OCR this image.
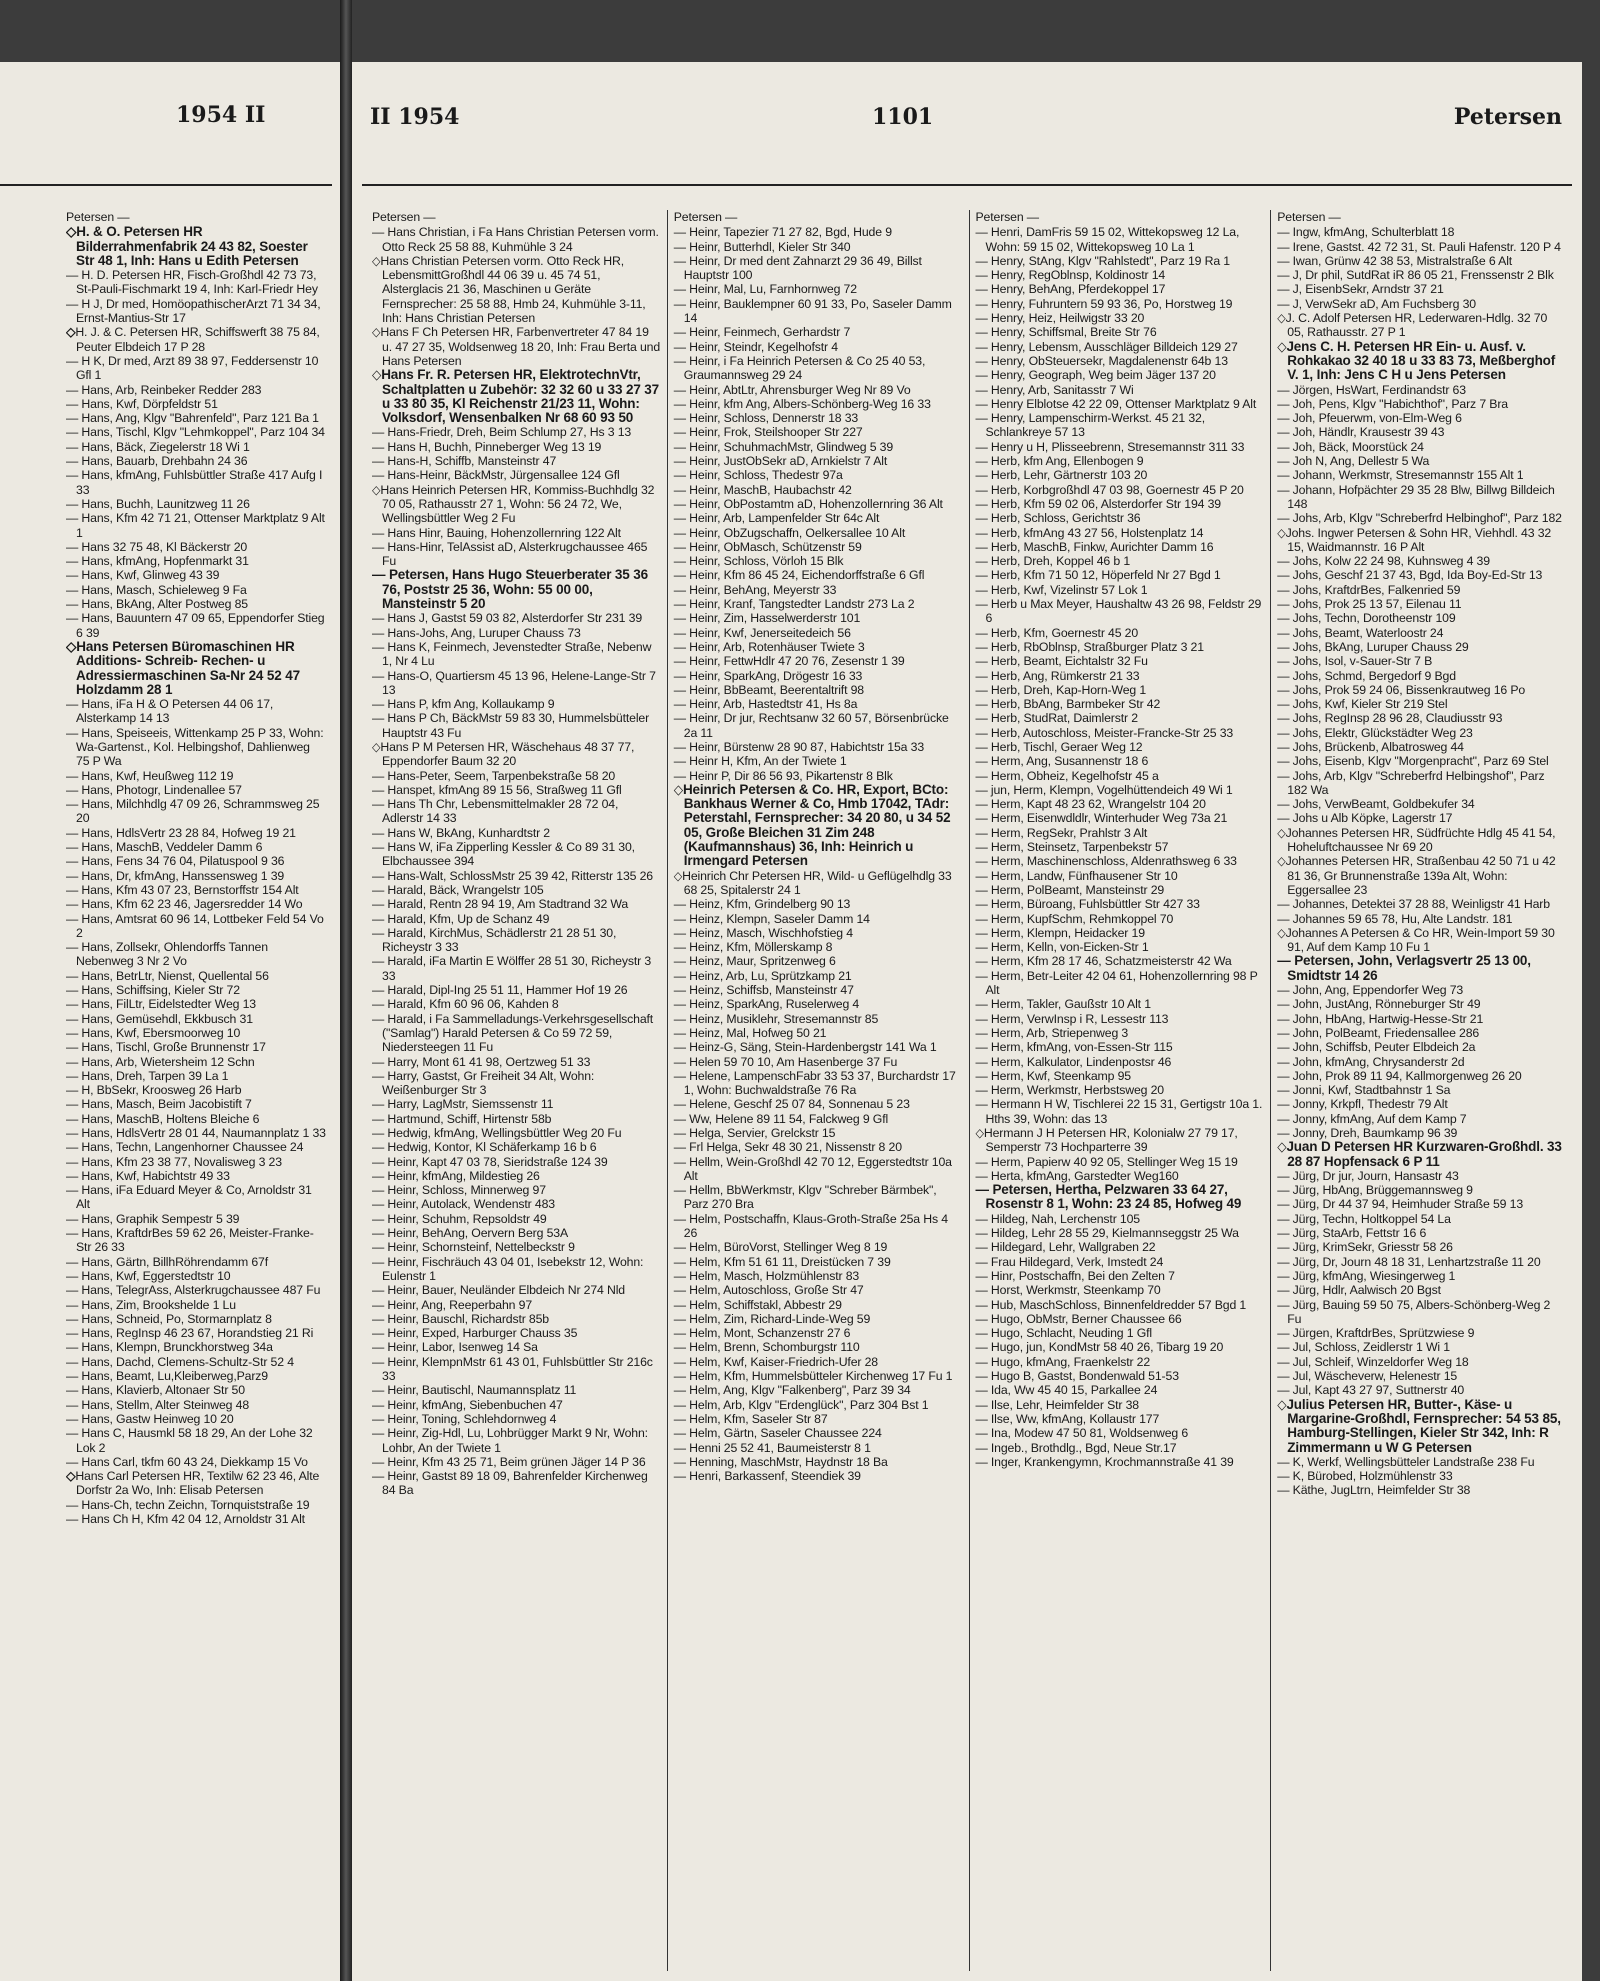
1954 II
Petersen —
◇ H. & O. Petersen HR Bilderrahmenfabrik 24 43 82, Soester Str 48 1, Inh: Hans u Edith Petersen
— H. D. Petersen HR, Fisch-Großhdl 42 73 73, St-Pauli-Fischmarkt 19 4, Inh: Karl-Friedr Hey
— H J, Dr med, HomöopathischerArzt 71 34 34, Ernst-Mantius-Str 17
◇ H. J. & C. Petersen HR, Schiffswerft 38 75 84, Peuter Elbdeich 17 P 28
— H K, Dr med, Arzt 89 38 97, Feddersenstr 10 Gfl 1
— Hans, Arb, Reinbeker Redder 283
— Hans, Kwf, Dörpfeldstr 51
— Hans, Ang, Klgv "Bahrenfeld", Parz 121 Ba 1
— Hans, Tischl, Klgv "Lehmkoppel", Parz 104 34
— Hans, Bäck, Ziegelerstr 18 Wi 1
— Hans, Bauarb, Drehbahn 24 36
— Hans, kfmAng, Fuhlsbüttler Straße 417 Aufg I 33
— Hans, Buchh, Launitzweg 11 26
— Hans, Kfm 42 71 21, Ottenser Marktplatz 9 Alt 1
— Hans 32 75 48, Kl Bäckerstr 20
— Hans, kfmAng, Hopfenmarkt 31
— Hans, Kwf, Glinweg 43 39
— Hans, Masch, Schieleweg 9 Fa
— Hans, BkAng, Alter Postweg 85
— Hans, Bauuntern 47 09 65, Eppendorfer Stieg 6 39
◇ Hans Petersen Büromaschinen HR Additions- Schreib- Rechen- u Adressiermaschinen Sa-Nr 24 52 47 Holzdamm 28 1
— Hans, iFa H & O Petersen 44 06 17, Alsterkamp 14 13
— Hans, Speiseeis, Wittenkamp 25 P 33, Wohn: Wa-Gartenst., Kol. Helbingshof, Dahlienweg 75 P Wa
— Hans, Kwf, Heußweg 112 19
— Hans, Photogr, Lindenallee 57
— Hans, Milchhdlg 47 09 26, Schrammsweg 25 20
— Hans, HdlsVertr 23 28 84, Hofweg 19 21
— Hans, MaschB, Veddeler Damm 6
— Hans, Fens 34 76 04, Pilatuspool 9 36
— Hans, Dr, kfmAng, Hanssensweg 1 39
— Hans, Kfm 43 07 23, Bernstorffstr 154 Alt
— Hans, Kfm 62 23 46, Jagersredder 14 Wo
— Hans, Amtsrat 60 96 14, Lottbeker Feld 54 Vo 2
— Hans, Zollsekr, Ohlendorffs Tannen Nebenweg 3 Nr 2 Vo
— Hans, BetrLtr, Nienst, Quellental 56
— Hans, Schiffsing, Kieler Str 72
— Hans, FilLtr, Eidelstedter Weg 13
— Hans, Gemüsehdl, Ekkbusch 31
— Hans, Kwf, Ebersmoorweg 10
— Hans, Tischl, Große Brunnenstr 17
— Hans, Arb, Wietersheim 12 Schn
— Hans, Dreh, Tarpen 39 La 1
— H, BbSekr, Kroosweg 26 Harb
— Hans, Masch, Beim Jacobistift 7
— Hans, MaschB, Holtens Bleiche 6
— Hans, HdlsVertr 28 01 44, Naumannplatz 1 33
— Hans, Techn, Langenhorner Chaussee 24
— Hans, Kfm 23 38 77, Novalisweg 3 23
— Hans, Kwf, Habichtstr 49 33
— Hans, iFa Eduard Meyer & Co, Arnoldstr 31 Alt
— Hans, Graphik Sempestr 5 39
— Hans, KraftdrBes 59 62 26, Meister-Franke-Str 26 33
— Hans, Gärtn, BillhRöhrendamm 67f
— Hans, Kwf, Eggerstedtstr 10
— Hans, TelegrAss, Alsterkrugchaussee 487 Fu
— Hans, Zim, Brookshelde 1 Lu
— Hans, Schneid, Po, Stormarnplatz 8
— Hans, RegInsp 46 23 67, Horandstieg 21 Ri
— Hans, Klempn, Brunckhorstweg 34a
— Hans, Dachd, Clemens-Schultz-Str 52 4
— Hans, Beamt, Lu,Kleiberweg,Parz9
— Hans, Klavierb, Altonaer Str 50
— Hans, Stellm, Alter Steinweg 48
— Hans, Gastw Heinweg 10 20
— Hans C, Hausmkl 58 18 29, An der Lohe 32 Lok 2
— Hans Carl, tkfm 60 43 24, Diekkamp 15 Vo
◇ Hans Carl Petersen HR, Textilw 62 23 46, Alte Dorfstr 2a Wo, Inh: Elisab Petersen
— Hans-Ch, techn Zeichn, Tornquiststraße 19
— Hans Ch H, Kfm 42 04 12, Arnoldstr 31 Alt
II 1954	1101	Petersen
Petersen —
— Hans Christian, i Fa Hans Christian Petersen vorm. Otto Reck 25 58 88, Kuhmühle 3 24
◇ Hans Christian Petersen vorm. Otto Reck HR, LebensmittGroßhdl 44 06 39 u. 45 74 51, Alsterglacis 21 36, Maschinen u Geräte Fernsprecher: 25 58 88, Hmb 24, Kuhmühle 3-11, Inh: Hans Christian Petersen
◇ Hans F Ch Petersen HR, Farbenvertreter 47 84 19 u. 47 27 35, Woldsenweg 18 20, Inh: Frau Berta und Hans Petersen
◇ Hans Fr. R. Petersen HR, ElektrotechnVtr, Schaltplatten u Zubehör: 32 32 60 u 33 27 37 u 33 80 35, Kl Reichenstr 21/23 11, Wohn: Volksdorf, Wensenbalken Nr 68 60 93 50
— Hans-Friedr, Dreh, Beim Schlump 27, Hs 3 13
— Hans H, Buchh, Pinneberger Weg 13 19
— Hans-H, Schiffb, Mansteinstr 47
— Hans-Heinr, BäckMstr, Jürgensallee 124 Gfl
◇ Hans Heinrich Petersen HR, Kommiss-Buchhdlg 32 70 05, Rathausstr 27 1, Wohn: 56 24 72, We, Wellingsbüttler Weg 2 Fu
— Hans Hinr, Bauing, Hohenzollernring 122 Alt
— Hans-Hinr, TelAssist aD, Alsterkrugchaussee 465 Fu
— Petersen, Hans Hugo Steuerberater 35 36 76, Poststr 25 36, Wohn: 55 00 00, Mansteinstr 5 20
— Hans J, Gastst 59 03 82, Alsterdorfer Str 231 39
— Hans-Johs, Ang, Luruper Chauss 73
— Hans K, Feinmech, Jevenstedter Straße, Nebenw 1, Nr 4 Lu
— Hans-O, Quartiersm 45 13 96, Helene-Lange-Str 7 13
— Hans P, kfm Ang, Kollaukamp 9
— Hans P Ch, BäckMstr 59 83 30, Hummelsbütteler Hauptstr 43 Fu
◇ Hans P M Petersen HR, Wäschehaus 48 37 77, Eppendorfer Baum 32 20
— Hans-Peter, Seem, Tarpenbekstraße 58 20
— Hanspet, kfmAng 89 15 56, Straßweg 11 Gfl
— Hans Th Chr, Lebensmittelmakler 28 72 04, Adlerstr 14 33
— Hans W, BkAng, Kunhardtstr 2
— Hans W, iFa Zipperling Kessler & Co 89 31 30, Elbchaussee 394
— Hans-Walt, SchlossMstr 25 39 42, Ritterstr 135 26
— Harald, Bäck, Wrangelstr 105
— Harald, Rentn 28 94 19, Am Stadtrand 32 Wa
— Harald, Kfm, Up de Schanz 49
— Harald, KirchMus, Schädlerstr 21 28 51 30, Richeystr 3 33
— Harald, iFa Martin E Wölffer 28 51 30, Richeystr 3 33
— Harald, Dipl-Ing 25 51 11, Hammer Hof 19 26
— Harald, Kfm 60 96 06, Kahden 8
— Harald, i Fa Sammelladungs-Verkehrsgesellschaft ("Samlag") Harald Petersen & Co 59 72 59, Niedersteegen 11 Fu
— Harry, Mont 61 41 98, Oertzweg 51 33
— Harry, Gastst, Gr Freiheit 34 Alt, Wohn: Weißenburger Str 3
— Harry, LagMstr, Siemssenstr 11
— Hartmund, Schiff, Hirtenstr 58b
— Hedwig, kfmAng, Wellingsbüttler Weg 20 Fu
— Hedwig, Kontor, Kl Schäferkamp 16 b 6
— Heinr, Kapt 47 03 78, Sieridstraße 124 39
— Heinr, kfmAng, Mildestieg 26
— Heinr, Schloss, Minnerweg 97
— Heinr, Autolack, Wendenstr 483
— Heinr, Schuhm, Repsoldstr 49
— Heinr, BehAng, Oervern Berg 53A
— Heinr, Schornsteinf, Nettelbeckstr 9
— Heinr, Fischräuch 43 04 01, Isebekstr 12, Wohn: Eulenstr 1
— Heinr, Bauer, Neuländer Elbdeich Nr 274 Nld
— Heinr, Ang, Reeperbahn 97
— Heinr, Bauschl, Richardstr 85b
— Heinr, Exped, Harburger Chauss 35
— Heinr, Labor, Isenweg 14 Sa
— Heinr, KlempnMstr 61 43 01, Fuhlsbüttler Str 216c 33
— Heinr, Bautischl, Naumannsplatz 11
— Heinr, kfmAng, Siebenbuchen 47
— Heinr, Toning, Schlehdornweg 4
— Heinr, Zig-Hdl, Lu, Lohbrügger Markt 9 Nr, Wohn: Lohbr, An der Twiete 1
— Heinr, Kfm 43 25 71, Beim grünen Jäger 14 P 36
— Heinr, Gastst 89 18 09, Bahrenfelder Kirchenweg 84 Ba
Petersen —
— Heinr, Tapezier 71 27 82, Bgd, Hude 9
— Heinr, Butterhdl, Kieler Str 340
— Heinr, Dr med dent Zahnarzt 29 36 49, Billst Hauptstr 100
— Heinr, Mal, Lu, Farnhornweg 72
— Heinr, Bauklempner 60 91 33, Po, Saseler Damm 14
— Heinr, Feinmech, Gerhardstr 7
— Heinr, Steindr, Kegelhofstr 4
— Heinr, i Fa Heinrich Petersen & Co 25 40 53, Graumannsweg 29 24
— Heinr, AbtLtr, Ahrensburger Weg Nr 89 Vo
— Heinr, kfm Ang, Albers-Schönberg-Weg 16 33
— Heinr, Schloss, Dennerstr 18 33
— Heinr, Frok, Steilshooper Str 227
— Heinr, SchuhmachMstr, Glindweg 5 39
— Heinr, JustObSekr aD, Arnkielstr 7 Alt
— Heinr, Schloss, Thedestr 97a
— Heinr, MaschB, Haubachstr 42
— Heinr, ObPostamtm aD, Hohenzollernring 36 Alt
— Heinr, Arb, Lampenfelder Str 64c Alt
— Heinr, ObZugschaffn, Oelkersallee 10 Alt
— Heinr, ObMasch, Schützenstr 59
— Heinr, Schloss, Vörloh 15 Blk
— Heinr, Kfm 86 45 24, Eichendorffstraße 6 Gfl
— Heinr, BehAng, Meyerstr 33
— Heinr, Kranf, Tangstedter Landstr 273 La 2
— Heinr, Zim, Hasselwerderstr 101
— Heinr, Kwf, Jenerseitedeich 56
— Heinr, Arb, Rotenhäuser Twiete 3
— Heinr, FettwHdlr 47 20 76, Zesenstr 1 39
— Heinr, SparkAng, Drögestr 16 33
— Heinr, BbBeamt, Beerentaltrift 98
— Heinr, Arb, Hastedtstr 41, Hs 8a
— Heinr, Dr jur, Rechtsanw 32 60 57, Börsenbrücke 2a 11
— Heinr, Bürstenw 28 90 87, Habichtstr 15a 33
— Heinr H, Kfm, An der Twiete 1
— Heinr P, Dir 86 56 93, Pikartenstr 8 Blk
◇ Heinrich Petersen & Co. HR, Export, BCto: Bankhaus Werner & Co, Hmb 17042, TAdr: Peterstahl, Fernsprecher: 34 20 80, u 34 52 05, Große Bleichen 31 Zim 248 (Kaufmannshaus) 36, Inh: Heinrich u Irmengard Petersen
◇ Heinrich Chr Petersen HR, Wild- u Geflügelhdlg 33 68 25, Spitalerstr 24 1
— Heinz, Kfm, Grindelberg 90 13
— Heinz, Klempn, Saseler Damm 14
— Heinz, Masch, Wischhofstieg 4
— Heinz, Kfm, Möllerskamp 8
— Heinz, Maur, Spritzenweg 6
— Heinz, Arb, Lu, Sprützkamp 21
— Heinz, Schiffsb, Mansteinstr 47
— Heinz, SparkAng, Ruselerweg 4
— Heinz, Musiklehr, Stresemannstr 85
— Heinz, Mal, Hofweg 50 21
— Heinz-G, Säng, Stein-Hardenbergstr 141 Wa 1
— Helen 59 70 10, Am Hasenberge 37 Fu
— Helene, LampenschFabr 33 53 37, Burchardstr 17 1, Wohn: Buchwaldstraße 76 Ra
— Helene, Geschf 25 07 84, Sonnenau 5 23
— Ww, Helene 89 11 54, Falckweg 9 Gfl
— Helga, Servier, Grelckstr 15
— Frl Helga, Sekr 48 30 21, Nissenstr 8 20
— Hellm, Wein-Großhdl 42 70 12, Eggerstedtstr 10a Alt
— Hellm, BbWerkmstr, Klgv "Schreber Bärmbek", Parz 270 Bra
— Helm, Postschaffn, Klaus-Groth-Straße 25a Hs 4 26
— Helm, BüroVorst, Stellinger Weg 8 19
— Helm, Kfm 51 61 11, Dreistücken 7 39
— Helm, Masch, Holzmühlenstr 83
— Helm, Autoschloss, Große Str 47
— Helm, Schiffstakl, Abbestr 29
— Helm, Zim, Richard-Linde-Weg 59
— Helm, Mont, Schanzenstr 27 6
— Helm, Brenn, Schomburgstr 110
— Helm, Kwf, Kaiser-Friedrich-Ufer 28
— Helm, Kfm, Hummelsbütteler Kirchenweg 17 Fu 1
— Helm, Ang, Klgv "Falkenberg", Parz 39 34
— Helm, Arb, Klgv "Erdenglück", Parz 304 Bst 1
— Helm, Kfm, Saseler Str 87
— Helm, Gärtn, Saseler Chaussee 224
— Henni 25 52 41, Baumeisterstr 8 1
— Henning, MaschMstr, Haydnstr 18 Ba
— Henri, Barkassenf, Steendiek 39
Petersen —
— Henri, DamFris 59 15 02, Wittekopsweg 12 La, Wohn: 59 15 02, Wittekopsweg 10 La 1
— Henry, StAng, Klgv "Rahlstedt", Parz 19 Ra 1
— Henry, RegOblnsp, Koldinostr 14
— Henry, BehAng, Pferdekoppel 17
— Henry, Fuhruntern 59 93 36, Po, Horstweg 19
— Henry, Heiz, Heilwigstr 33 20
— Henry, Schiffsmal, Breite Str 76
— Henry, Lebensm, Ausschläger Billdeich 129 27
— Henry, ObSteuersekr, Magdalenenstr 64b 13
— Henry, Geograph, Weg beim Jäger 137 20
— Henry, Arb, Sanitasstr 7 Wi
— Henry Elblotse 42 22 09, Ottenser Marktplatz 9 Alt
— Henry, Lampenschirm-Werkst. 45 21 32, Schlankreye 57 13
— Henry u H, Plisseebrenn, Stresemannstr 311 33
— Herb, kfm Ang, Ellenbogen 9
— Herb, Lehr, Gärtnerstr 103 20
— Herb, Korbgroßhdl 47 03 98, Goernestr 45 P 20
— Herb, Kfm 59 02 06, Alsterdorfer Str 194 39
— Herb, Schloss, Gerichtstr 36
— Herb, kfmAng 43 27 56, Holstenplatz 14
— Herb, MaschB, Finkw, Aurichter Damm 16
— Herb, Dreh, Koppel 46 b 1
— Herb, Kfm 71 50 12, Höperfeld Nr 27 Bgd 1
— Herb, Kwf, Vizelinstr 57 Lok 1
— Herb u Max Meyer, Haushaltw 43 26 98, Feldstr 29 6
— Herb, Kfm, Goernestr 45 20
— Herb, RbOblnsp, Straßburger Platz 3 21
— Herb, Beamt, Eichtalstr 32 Fu
— Herb, Ang, Rümkerstr 21 33
— Herb, Dreh, Kap-Horn-Weg 1
— Herb, BbAng, Barmbeker Str 42
— Herb, StudRat, Daimlerstr 2
— Herb, Autoschloss, Meister-Francke-Str 25 33
— Herb, Tischl, Geraer Weg 12
— Herm, Ang, Susannenstr 18 6
— Herm, Obheiz, Kegelhofstr 45 a
— jun, Herm, Klempn, Vogelhüttendeich 49 Wi 1
— Herm, Kapt 48 23 62, Wrangelstr 104 20
— Herm, Eisenwdldlr, Winterhuder Weg 73a 21
— Herm, RegSekr, Prahlstr 3 Alt
— Herm, Steinsetz, Tarpenbekstr 57
— Herm, Maschinenschloss, Aldenrathsweg 6 33
— Herm, Landw, Fünfhausener Str 10
— Herm, PolBeamt, Mansteinstr 29
— Herm, Büroang, Fuhlsbüttler Str 427 33
— Herm, KupfSchm, Rehmkoppel 70
— Herm, Klempn, Heidacker 19
— Herm, Kelln, von-Eicken-Str 1
— Herm, Kfm 28 17 46, Schatzmeisterstr 42 Wa
— Herm, Betr-Leiter 42 04 61, Hohenzollernring 98 P Alt
— Herm, Takler, Gaußstr 10 Alt 1
— Herm, VerwInsp i R, Lessestr 113
— Herm, Arb, Striepenweg 3
— Herm, kfmAng, von-Essen-Str 115
— Herm, Kalkulator, Lindenpostsr 46
— Herm, Kwf, Steenkamp 95
— Herm, Werkmstr, Herbstsweg 20
— Hermann H W, Tischlerei 22 15 31, Gertigstr 10a 1. Hths 39, Wohn: das 13
◇ Hermann J H Petersen HR, Kolonialw 27 79 17, Semperstr 73 Hochparterre 39
— Herm, Papierw 40 92 05, Stellinger Weg 15 19
— Herta, kfmAng, Garstedter Weg160
— Petersen, Hertha, Pelzwaren 33 64 27, Rosenstr 8 1, Wohn: 23 24 85, Hofweg 49
— Hildeg, Nah, Lerchenstr 105
— Hildeg, Lehr 28 55 29, Kielmannseggstr 25 Wa
— Hildegard, Lehr, Wallgraben 22
— Frau Hildegard, Verk, Imstedt 24
— Hinr, Postschaffn, Bei den Zelten 7
— Horst, Werkmstr, Steenkamp 70
— Hub, MaschSchloss, Binnenfeldredder 57 Bgd 1
— Hugo, ObMstr, Berner Chaussee 66
— Hugo, Schlacht, Neuding 1 Gfl
— Hugo, jun, KondMstr 58 40 26, Tibarg 19 20
— Hugo, kfmAng, Fraenkelstr 22
— Hugo B, Gastst, Bondenwald 51-53
— Ida, Ww 45 40 15, Parkallee 24
— Ilse, Lehr, Heimfelder Str 38
— Ilse, Ww, kfmAng, Kollaustr 177
— Ina, Modew 47 50 81, Woldsenweg 6
— Ingeb., Brothdlg., Bgd, Neue Str.17
— Inger, Krankengymn, Krochmannstraße 41 39
Petersen —
— Ingw, kfmAng, Schulterblatt 18
— Irene, Gastst. 42 72 31, St. Pauli Hafenstr. 120 P 4
— Iwan, Grünw 42 38 53, Mistralstraße 6 Alt
— J, Dr phil, SutdRat iR 86 05 21, Frenssenstr 2 Blk
— J, EisenbSekr, Arndstr 37 21
— J, VerwSekr aD, Am Fuchsberg 30
◇ J. C. Adolf Petersen HR, Lederwaren-Hdlg. 32 70 05, Rathausstr. 27 P 1
◇ Jens C. H. Petersen HR Ein- u. Ausf. v. Rohkakao 32 40 18 u 33 83 73, Meßberghof V. 1, Inh: Jens C H u Jens Petersen
— Jörgen, HsWart, Ferdinandstr 63
— Joh, Pens, Klgv "Habichthof", Parz 7 Bra
— Joh, Pfeuerwm, von-Elm-Weg 6
— Joh, Händlr, Krausestr 39 43
— Joh, Bäck, Moorstück 24
— Joh N, Ang, Dellestr 5 Wa
— Johann, Werkmstr, Stresemannstr 155 Alt 1
— Johann, Hofpächter 29 35 28 Blw, Billwg Billdeich 148
— Johs, Arb, Klgv "Schreberfrd Helbinghof", Parz 182
◇ Johs. Ingwer Petersen & Sohn HR, Viehhdl. 43 32 15, Waidmannstr. 16 P Alt
— Johs, Kolw 22 24 98, Kuhnsweg 4 39
— Johs, Geschf 21 37 43, Bgd, Ida Boy-Ed-Str 13
— Johs, KraftdrBes, Falkenried 59
— Johs, Prok 25 13 57, Eilenau 11
— Johs, Techn, Dorotheenstr 109
— Johs, Beamt, Waterloostr 24
— Johs, BkAng, Luruper Chauss 29
— Johs, Isol, v-Sauer-Str 7 B
— Johs, Schmd, Bergedorf 9 Bgd
— Johs, Prok 59 24 06, Bissenkrautweg 16 Po
— Johs, Kwf, Kieler Str 219 Stel
— Johs, RegInsp 28 96 28, Claudiusstr 93
— Johs, Elektr, Glückstädter Weg 23
— Johs, Brückenb, Albatrosweg 44
— Johs, Eisenb, Klgv "Morgenpracht", Parz 69 Stel
— Johs, Arb, Klgv "Schreberfrd Helbingshof", Parz 182 Wa
— Johs, VerwBeamt, Goldbekufer 34
— Johs u Alb Köpke, Lagerstr 17
◇ Johannes Petersen HR, Südfrüchte Hdlg 45 41 54, Hoheluftchaussee Nr 69 20
◇ Johannes Petersen HR, Straßenbau 42 50 71 u 42 81 36, Gr Brunnenstraße 139a Alt, Wohn: Eggersallee 23
— Johannes, Detektei 37 28 88, Weinligstr 41 Harb
— Johannes 59 65 78, Hu, Alte Landstr. 181
◇ Johannes A Petersen & Co HR, Wein-Import 59 30 91, Auf dem Kamp 10 Fu 1
— Petersen, John, Verlagsvertr 25 13 00, Smidtstr 14 26
— John, Ang, Eppendorfer Weg 73
— John, JustAng, Rönneburger Str 49
— John, HbAng, Hartwig-Hesse-Str 21
— John, PolBeamt, Friedensallee 286
— John, Schiffsb, Peuter Elbdeich 2a
— John, kfmAng, Chrysanderstr 2d
— John, Prok 89 11 94, Kallmorgenweg 26 20
— Jonni, Kwf, Stadtbahnstr 1 Sa
— Jonny, Krkpfl, Thedestr 79 Alt
— Jonny, kfmAng, Auf dem Kamp 7
— Jonny, Dreh, Baumkamp 96 39
◇ Juan D Petersen HR Kurzwaren-Großhdl. 33 28 87 Hopfensack 6 P 11
— Jürg, Dr jur, Journ, Hansastr 43
— Jürg, HbAng, Brüggemannsweg 9
— Jürg, Dr 44 37 94, Heimhuder Straße 59 13
— Jürg, Techn, Holtkoppel 54 La
— Jürg, StaArb, Fettstr 16 6
— Jürg, KrimSekr, Griesstr 58 26
— Jürg, Dr, Journ 48 18 31, Lenhartzstraße 11 20
— Jürg, kfmAng, Wiesingerweg 1
— Jürg, Hdlr, Aalwisch 20 Bgst
— Jürg, Bauing 59 50 75, Albers-Schönberg-Weg 2 Fu
— Jürgen, KraftdrBes, Sprützwiese 9
— Jul, Schloss, Zeidlerstr 1 Wi 1
— Jul, Schleif, Winzeldorfer Weg 18
— Jul, Wäscheverw, Helenestr 15
— Jul, Kapt 43 27 97, Suttnerstr 40
◇ Julius Petersen HR, Butter-, Käse- u Margarine-Großhdl, Fernsprecher: 54 53 85, Hamburg-Stellingen, Kieler Str 342, Inh: R Zimmermann u W G Petersen
— K, Werkf, Wellingsbütteler Landstraße 238 Fu
— K, Bürobed, Holzmühlenstr 33
— Käthe, JugLtrn, Heimfelder Str 38
